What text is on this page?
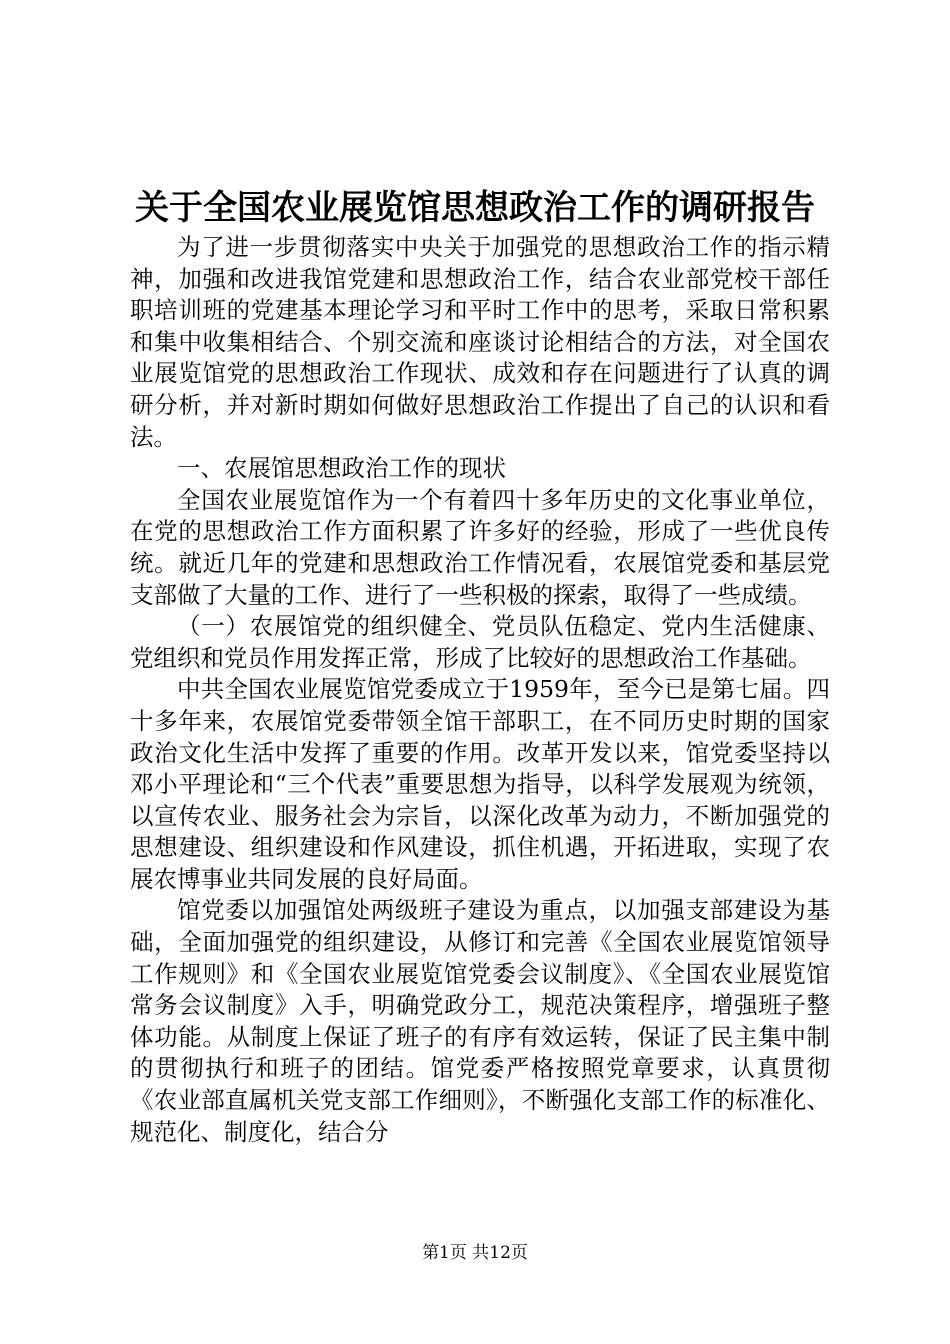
关于全国农业展览馆思想政治工作的调研报告

为了进一步贯彻落实中央关于加强党的思想政治工作的指示精神，加强和改进我馆党建和思想政治工作，结合农业部党校干部任职培训班的党建基本理论学习和平时工作中的思考，采取日常积累和集中收集相结合、个别交流和座谈讨论相结合的方法，对全国农业展览馆党的思想政治工作现状、成效和存在问题进行了认真的调研分析，并对新时期如何做好思想政治工作提出了自己的认识和看法。

一、农展馆思想政治工作的现状

全国农业展览馆作为一个有着四十多年历史的文化事业单位，在党的思想政治工作方面积累了许多好的经验，形成了一些优良传统。就近几年的党建和思想政治工作情况看，农展馆党委和基层党支部做了大量的工作、进行了一些积极的探索，取得了一些成绩。

（一）农展馆党的组织健全、党员队伍稳定、党内生活健康、党组织和党员作用发挥正常，形成了比较好的思想政治工作基础。

中共全国农业展览馆党委成立于1959年，至今已是第七届。四十多年来，农展馆党委带领全馆干部职工，在不同历史时期的国家政治文化生活中发挥了重要的作用。改革开发以来，馆党委坚持以邓小平理论和“三个代表”重要思想为指导，以科学发展观为统领，以宣传农业、服务社会为宗旨，以深化改革为动力，不断加强党的思想建设、组织建设和作风建设，抓住机遇，开拓进取，实现了农展农博事业共同发展的良好局面。

馆党委以加强馆处两级班子建设为重点，以加强支部建设为基础，全面加强党的组织建设，从修订和完善《全国农业展览馆领导工作规则》和《全国农业展览馆党委会议制度》、《全国农业展览馆常务会议制度》入手，明确党政分工，规范决策程序，增强班子整体功能。从制度上保证了班子的有序有效运转，保证了民主集中制的贯彻执行和班子的团结。馆党委严格按照党章要求，认真贯彻《农业部直属机关党支部工作细则》，不断强化支部工作的标准化、规范化、制度化，结合分

第1页 共12页
